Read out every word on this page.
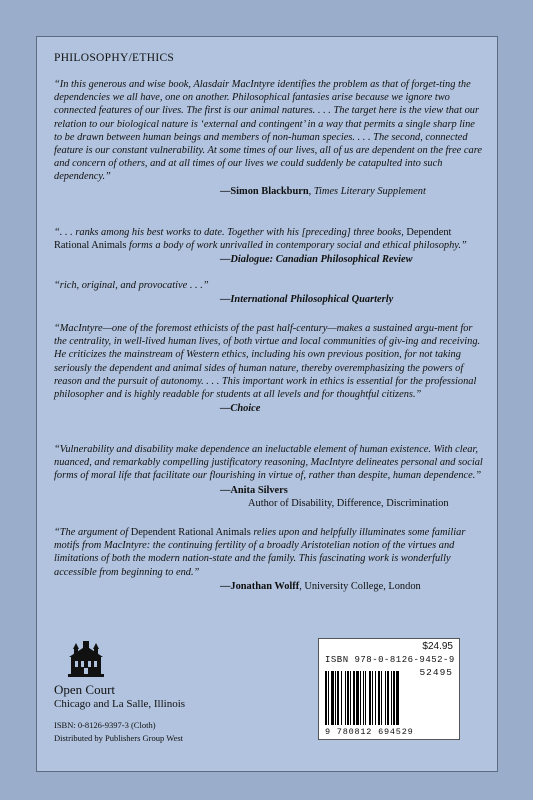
PHILOSOPHY/ETHICS

“In this generous and wise book, Alasdair MacIntyre identifies the problem as that of forget-ting the dependencies we all have, one on another. Philosophical fantasies arise because we ignore two connected features of our lives. The first is our animal natures. . . . The target here is the view that our relation to our biological nature is ‘external and contingent’ in a way that permits a single sharp line to be drawn between human beings and members of non-human species. . . . The second, connected feature is our constant vulnerability. At some times of our lives, all of us are dependent on the free care and concern of others, and at all times of our lives we could suddenly be catapulted into such dependency.”

—Simon Blackburn, Times Literary Supplement

“. . . ranks among his best works to date. Together with his [preceding] three books, Dependent Rational Animals forms a body of work unrivalled in contemporary social and ethical philosophy.”

—Dialogue: Canadian Philosophical Review

“rich, original, and provocative . . .”

—International Philosophical Quarterly

“MacIntyre—one of the foremost ethicists of the past half-century—makes a sustained argu-ment for the centrality, in well-lived human lives, of both virtue and local communities of giv-ing and receiving. He criticizes the mainstream of Western ethics, including his own previous position, for not taking seriously the dependent and animal sides of human nature, thereby overemphasizing the powers of reason and the pursuit of autonomy. . . . This important work in ethics is essential for the professional philosopher and is highly readable for students at all levels and for thoughtful citizens.”

—Choice

“Vulnerability and disability make dependence an ineluctable element of human existence. With clear, nuanced, and remarkably compelling justificatory reasoning, MacIntyre delineates personal and social forms of moral life that facilitate our flourishing in virtue of, rather than despite, human dependence.”

—Anita Silvers
Author of Disability, Difference, Discrimination

“The argument of Dependent Rational Animals relies upon and helpfully illuminates some familiar motifs from MacIntyre: the continuing fertility of a broadly Aristotelian notion of the virtues and limitations of both the modern nation-state and the family. This fascinating work is wonderfully accessible from beginning to end.”

—Jonathan Wolff, University College, London
Open Court
Chicago and La Salle, Illinois
ISBN: 0-8126-9397-3 (Cloth)
Distributed by Publishers Group West
$24.95
ISBN 978-0-8126-9452-9
52495
9 780812 694529
